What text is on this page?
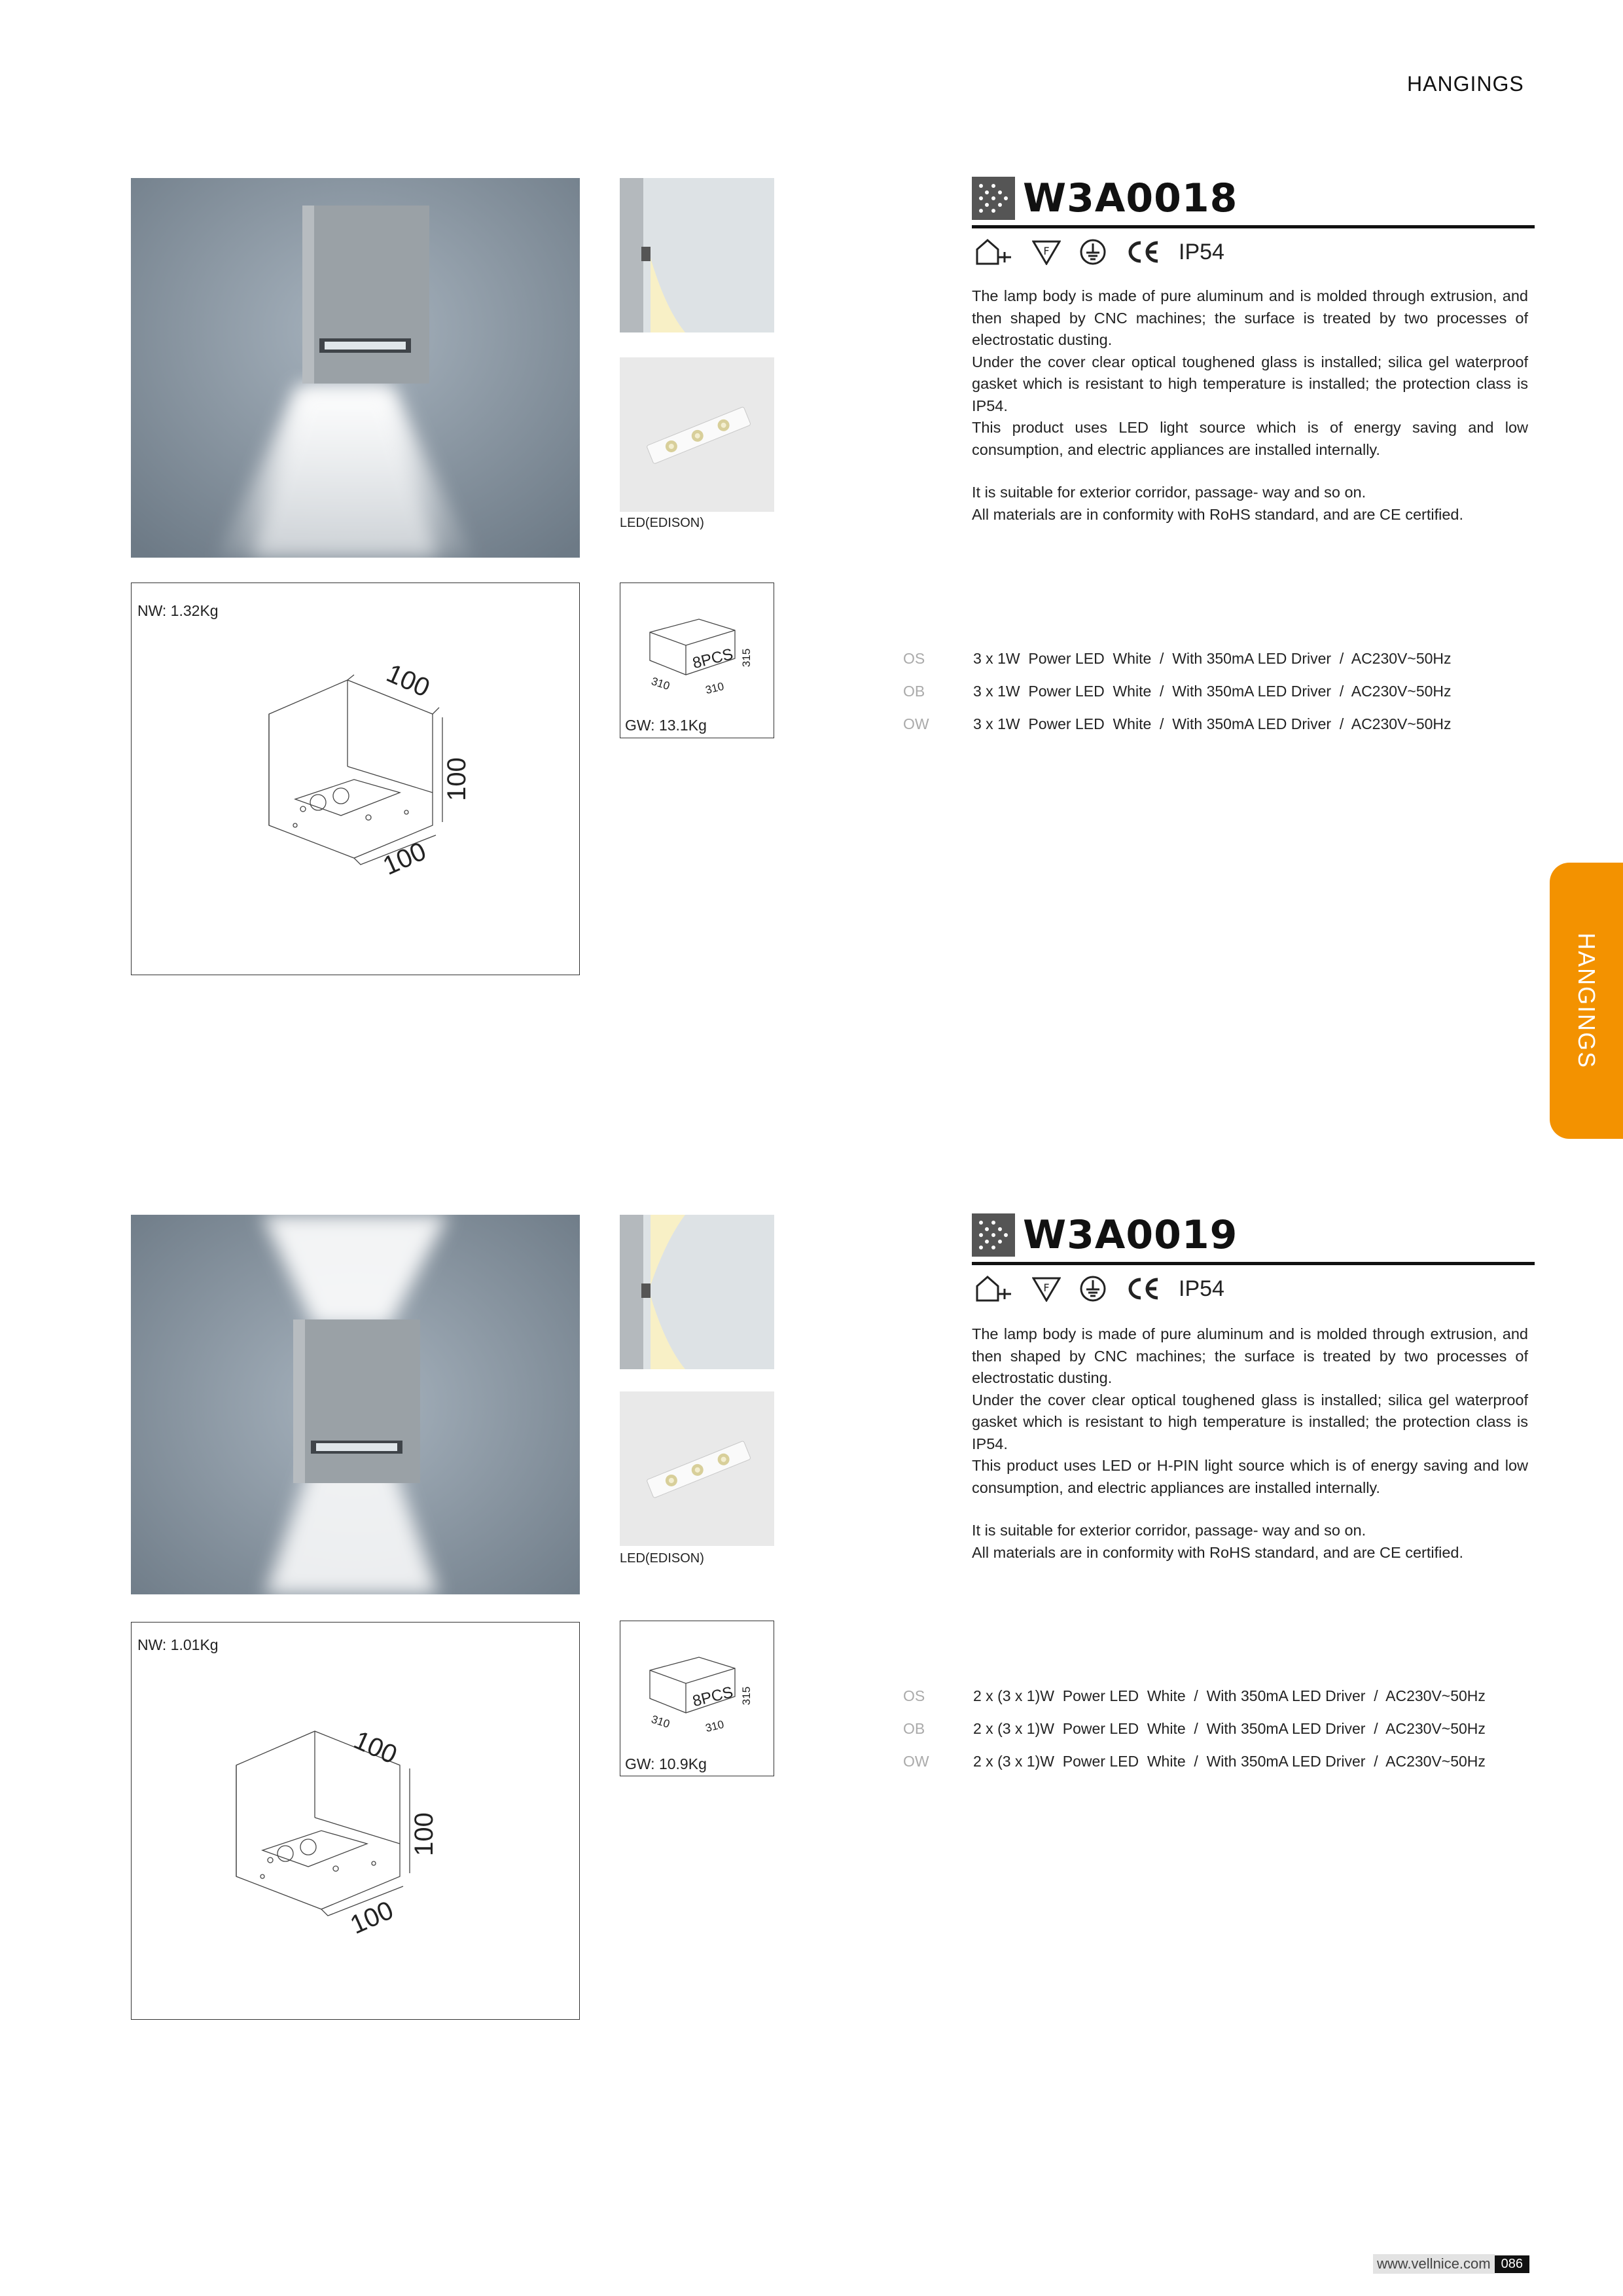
HANGINGS
HANGINGS
LED(EDISON)
NW: 1.32Kg
100
100
100
8PCS
310	310
315
GW: 13.1Kg
W3A0018
F	IP54

The lamp body is made of pure aluminum and is molded through extrusion, and then shaped by CNC machines; the surface is treated by two processes of electrostatic dusting.

Under the cover clear optical toughened glass is installed; silica gel waterproof gasket which is resistant to high temperature is installed; the protection class is IP54.

This product uses LED light source which is of energy saving and low consumption, and electric appliances are installed internally.

It is suitable for exterior corridor, passage- way and so on.

All materials are in conformity with RoHS standard, and are CE certified.

OS	3 x 1W  Power LED  White  /  With 350mA LED Driver  /  AC230V~50Hz
OB	3 x 1W  Power LED  White  /  With 350mA LED Driver  /  AC230V~50Hz
OW	3 x 1W  Power LED  White  /  With 350mA LED Driver  /  AC230V~50Hz
LED(EDISON)
NW: 1.01Kg
100
100
100
8PCS
310	310
315
GW: 10.9Kg
W3A0019
F	IP54

The lamp body is made of pure aluminum and is molded through extrusion, and then shaped by CNC machines; the surface is treated by two processes of electrostatic dusting.

Under the cover clear optical toughened glass is installed; silica gel waterproof gasket which is resistant to high temperature is installed; the protection class is IP54.

This product uses LED or H-PIN light source which is of energy saving and low consumption, and electric appliances are installed internally.

It is suitable for exterior corridor, passage- way and so on.

All materials are in conformity with RoHS standard, and are CE certified.

OS	2 x (3 x 1)W  Power LED  White  /  With 350mA LED Driver  /  AC230V~50Hz
OB	2 x (3 x 1)W  Power LED  White  /  With 350mA LED Driver  /  AC230V~50Hz
OW	2 x (3 x 1)W  Power LED  White  /  With 350mA LED Driver  /  AC230V~50Hz
www.vellnice.com 086
